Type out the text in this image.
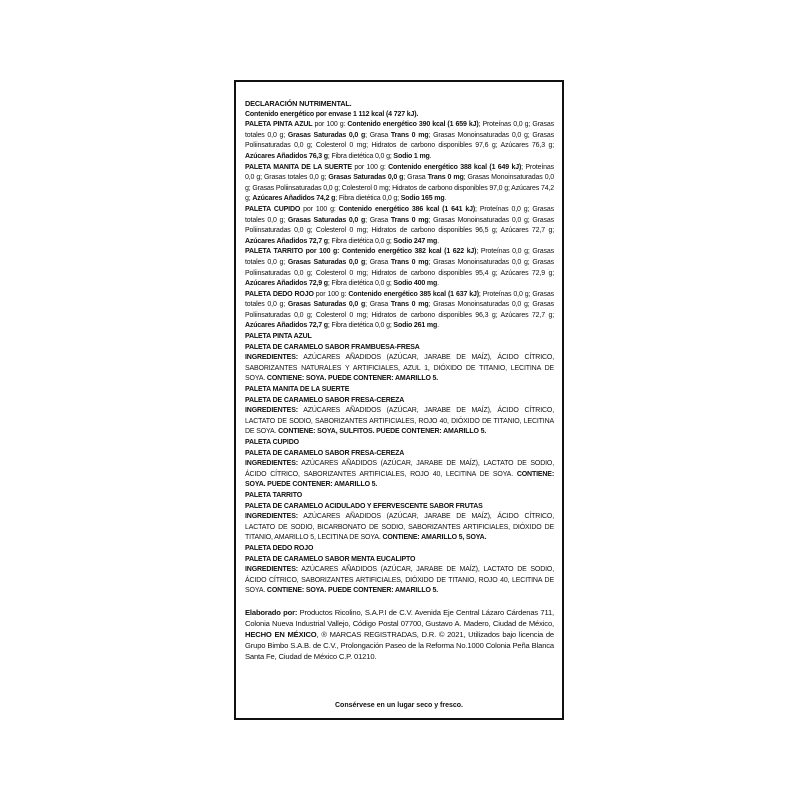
DECLARACIÓN NUTRIMENTAL.

Contenido energético por envase 1 112 kcal (4 727 kJ).

PALETA PINTA AZUL por 100 g: Contenido energético 390 kcal (1 659 kJ); Proteínas 0,0 g; Grasas totales 0,0 g; Grasas Saturadas 0,0 g; Grasa Trans 0 mg; Grasas Monoinsaturadas 0,0 g; Grasas Poliinsaturadas 0,0 g; Colesterol 0 mg; Hidratos de carbono disponibles 97,6 g; Azúcares 76,3 g; Azúcares Añadidos 76,3 g; Fibra dietética 0,0 g; Sodio 1 mg.

PALETA MANITA DE LA SUERTE por 100 g: Contenido energético 388 kcal (1 649 kJ); Proteínas 0,0 g; Grasas totales 0,0 g; Grasas Saturadas 0,0 g; Grasa Trans 0 mg; Grasas Monoinsaturadas 0,0 g; Grasas Poliinsaturadas 0,0 g; Colesterol 0 mg; Hidratos de carbono disponibles 97,0 g; Azúcares 74,2 g; Azúcares Añadidos 74,2 g; Fibra dietética 0,0 g; Sodio 165 mg.

PALETA CUPIDO por 100 g: Contenido energético 386 kcal (1 641 kJ); Proteínas 0,0 g; Grasas totales 0,0 g; Grasas Saturadas 0,0 g; Grasa Trans 0 mg; Grasas Monoinsaturadas 0,0 g; Grasas Poliinsaturadas 0,0 g; Colesterol 0 mg; Hidratos de carbono disponibles 96,5 g; Azúcares 72,7 g; Azúcares Añadidos 72,7 g; Fibra dietética 0,0 g; Sodio 247 mg.

PALETA TARRITO por 100 g: Contenido energético 382 kcal (1 622 kJ); Proteínas 0,0 g; Grasas totales 0,0 g; Grasas Saturadas 0,0 g; Grasa Trans 0 mg; Grasas Monoinsaturadas 0,0 g; Grasas Poliinsaturadas 0,0 g; Colesterol 0 mg; Hidratos de carbono disponibles 95,4 g; Azúcares 72,9 g; Azúcares Añadidos 72,9 g; Fibra dietética 0,0 g; Sodio 400 mg.

PALETA DEDO ROJO por 100 g: Contenido energético 385 kcal (1 637 kJ); Proteínas 0,0 g; Grasas totales 0,0 g; Grasas Saturadas 0,0 g; Grasa Trans 0 mg; Grasas Monoinsaturadas 0,0 g; Grasas Poliinsaturadas 0,0 g; Colesterol 0 mg; Hidratos de carbono disponibles 96,3 g; Azúcares 72,7 g; Azúcares Añadidos 72,7 g; Fibra dietética 0,0 g; Sodio 261 mg.

PALETA PINTA AZUL

PALETA DE CARAMELO SABOR FRAMBUESA-FRESA

INGREDIENTES: AZÚCARES AÑADIDOS (AZÚCAR, JARABE DE MAÍZ), ÁCIDO CÍTRICO, SABORIZANTES NATURALES Y ARTIFICIALES, AZUL 1, DIÓXIDO DE TITANIO, LECITINA DE SOYA. CONTIENE: SOYA. PUEDE CONTENER: AMARILLO 5.

PALETA MANITA DE LA SUERTE

PALETA DE CARAMELO SABOR FRESA-CEREZA

INGREDIENTES: AZÚCARES AÑADIDOS (AZÚCAR, JARABE DE MAÍZ), ÁCIDO CÍTRICO, LACTATO DE SODIO, SABORIZANTES ARTIFICIALES, ROJO 40, DIÓXIDO DE TITANIO, LECITINA DE SOYA. CONTIENE: SOYA, SULFITOS. PUEDE CONTENER: AMARILLO 5.

PALETA CUPIDO

PALETA DE CARAMELO SABOR FRESA-CEREZA

INGREDIENTES: AZÚCARES AÑADIDOS (AZÚCAR, JARABE DE MAÍZ), LACTATO DE SODIO, ÁCIDO CÍTRICO, SABORIZANTES ARTIFICIALES, ROJO 40, LECITINA DE SOYA. CONTIENE: SOYA. PUEDE CONTENER: AMARILLO 5.

PALETA TARRITO

PALETA DE CARAMELO ACIDULADO Y EFERVESCENTE SABOR FRUTAS

INGREDIENTES: AZÚCARES AÑADIDOS (AZÚCAR, JARABE DE MAÍZ), ÁCIDO CÍTRICO, LACTATO DE SODIO, BICARBONATO DE SODIO, SABORIZANTES ARTIFICIALES, DIÓXIDO DE TITANIO, AMARILLO 5, LECITINA DE SOYA. CONTIENE: AMARILLO 5, SOYA.

PALETA DEDO ROJO

PALETA DE CARAMELO SABOR MENTA EUCALIPTO

INGREDIENTES: AZÚCARES AÑADIDOS (AZÚCAR, JARABE DE MAÍZ), LACTATO DE SODIO, ÁCIDO CÍTRICO, SABORIZANTES ARTIFICIALES, DIÓXIDO DE TITANIO, ROJO 40, LECITINA DE SOYA. CONTIENE: SOYA. PUEDE CONTENER: AMARILLO 5.

Elaborado por: Productos Ricolino, S.A.P.I de C.V. Avenida Eje Central Lázaro Cárdenas 711, Colonia Nueva Industrial Vallejo, Código Postal 07700, Gustavo A. Madero, Ciudad de México, HECHO EN MÉXICO, ® MARCAS REGISTRADAS, D.R. © 2021, Utilizados bajo licencia de Grupo Bimbo S.A.B. de C.V., Prolongación Paseo de la Reforma No.1000 Colonia Peña Blanca Santa Fe, Ciudad de México C.P. 01210.

Consérvese en un lugar seco y fresco.
